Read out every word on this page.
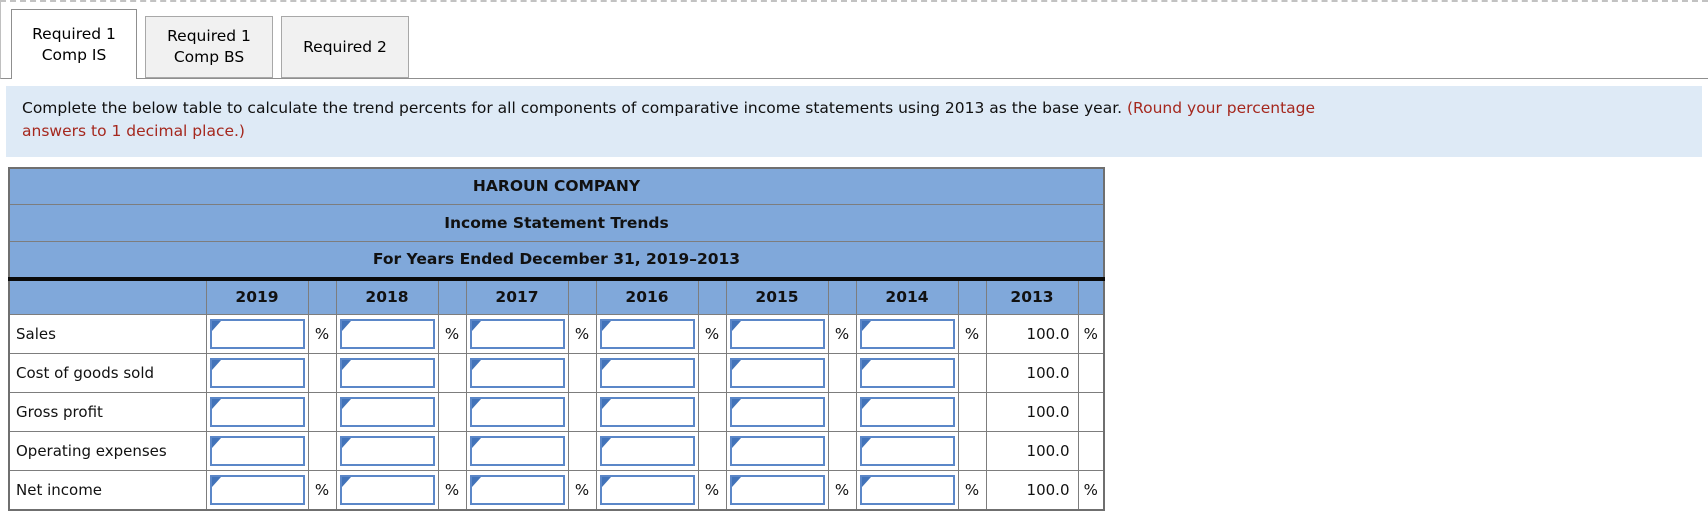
Required 1
Comp IS
Required 1
Comp BS
Required 2
Complete the below table to calculate the trend percents for all components of comparative income statements using 2013 as the base year. (Round your percentage answers to 1 decimal place.)
HAROUN COMPANY														
Income Statement Trends														
For Years Ended December 31, 2019–2013														
	2019		2018		2017		2016		2015		2014		2013	
Sales		%		%		%		%		%		%	100.0	%
Cost of goods sold													100.0	
Gross profit													100.0	
Operating expenses													100.0	
Net income		%		%		%		%		%		%	100.0	%
